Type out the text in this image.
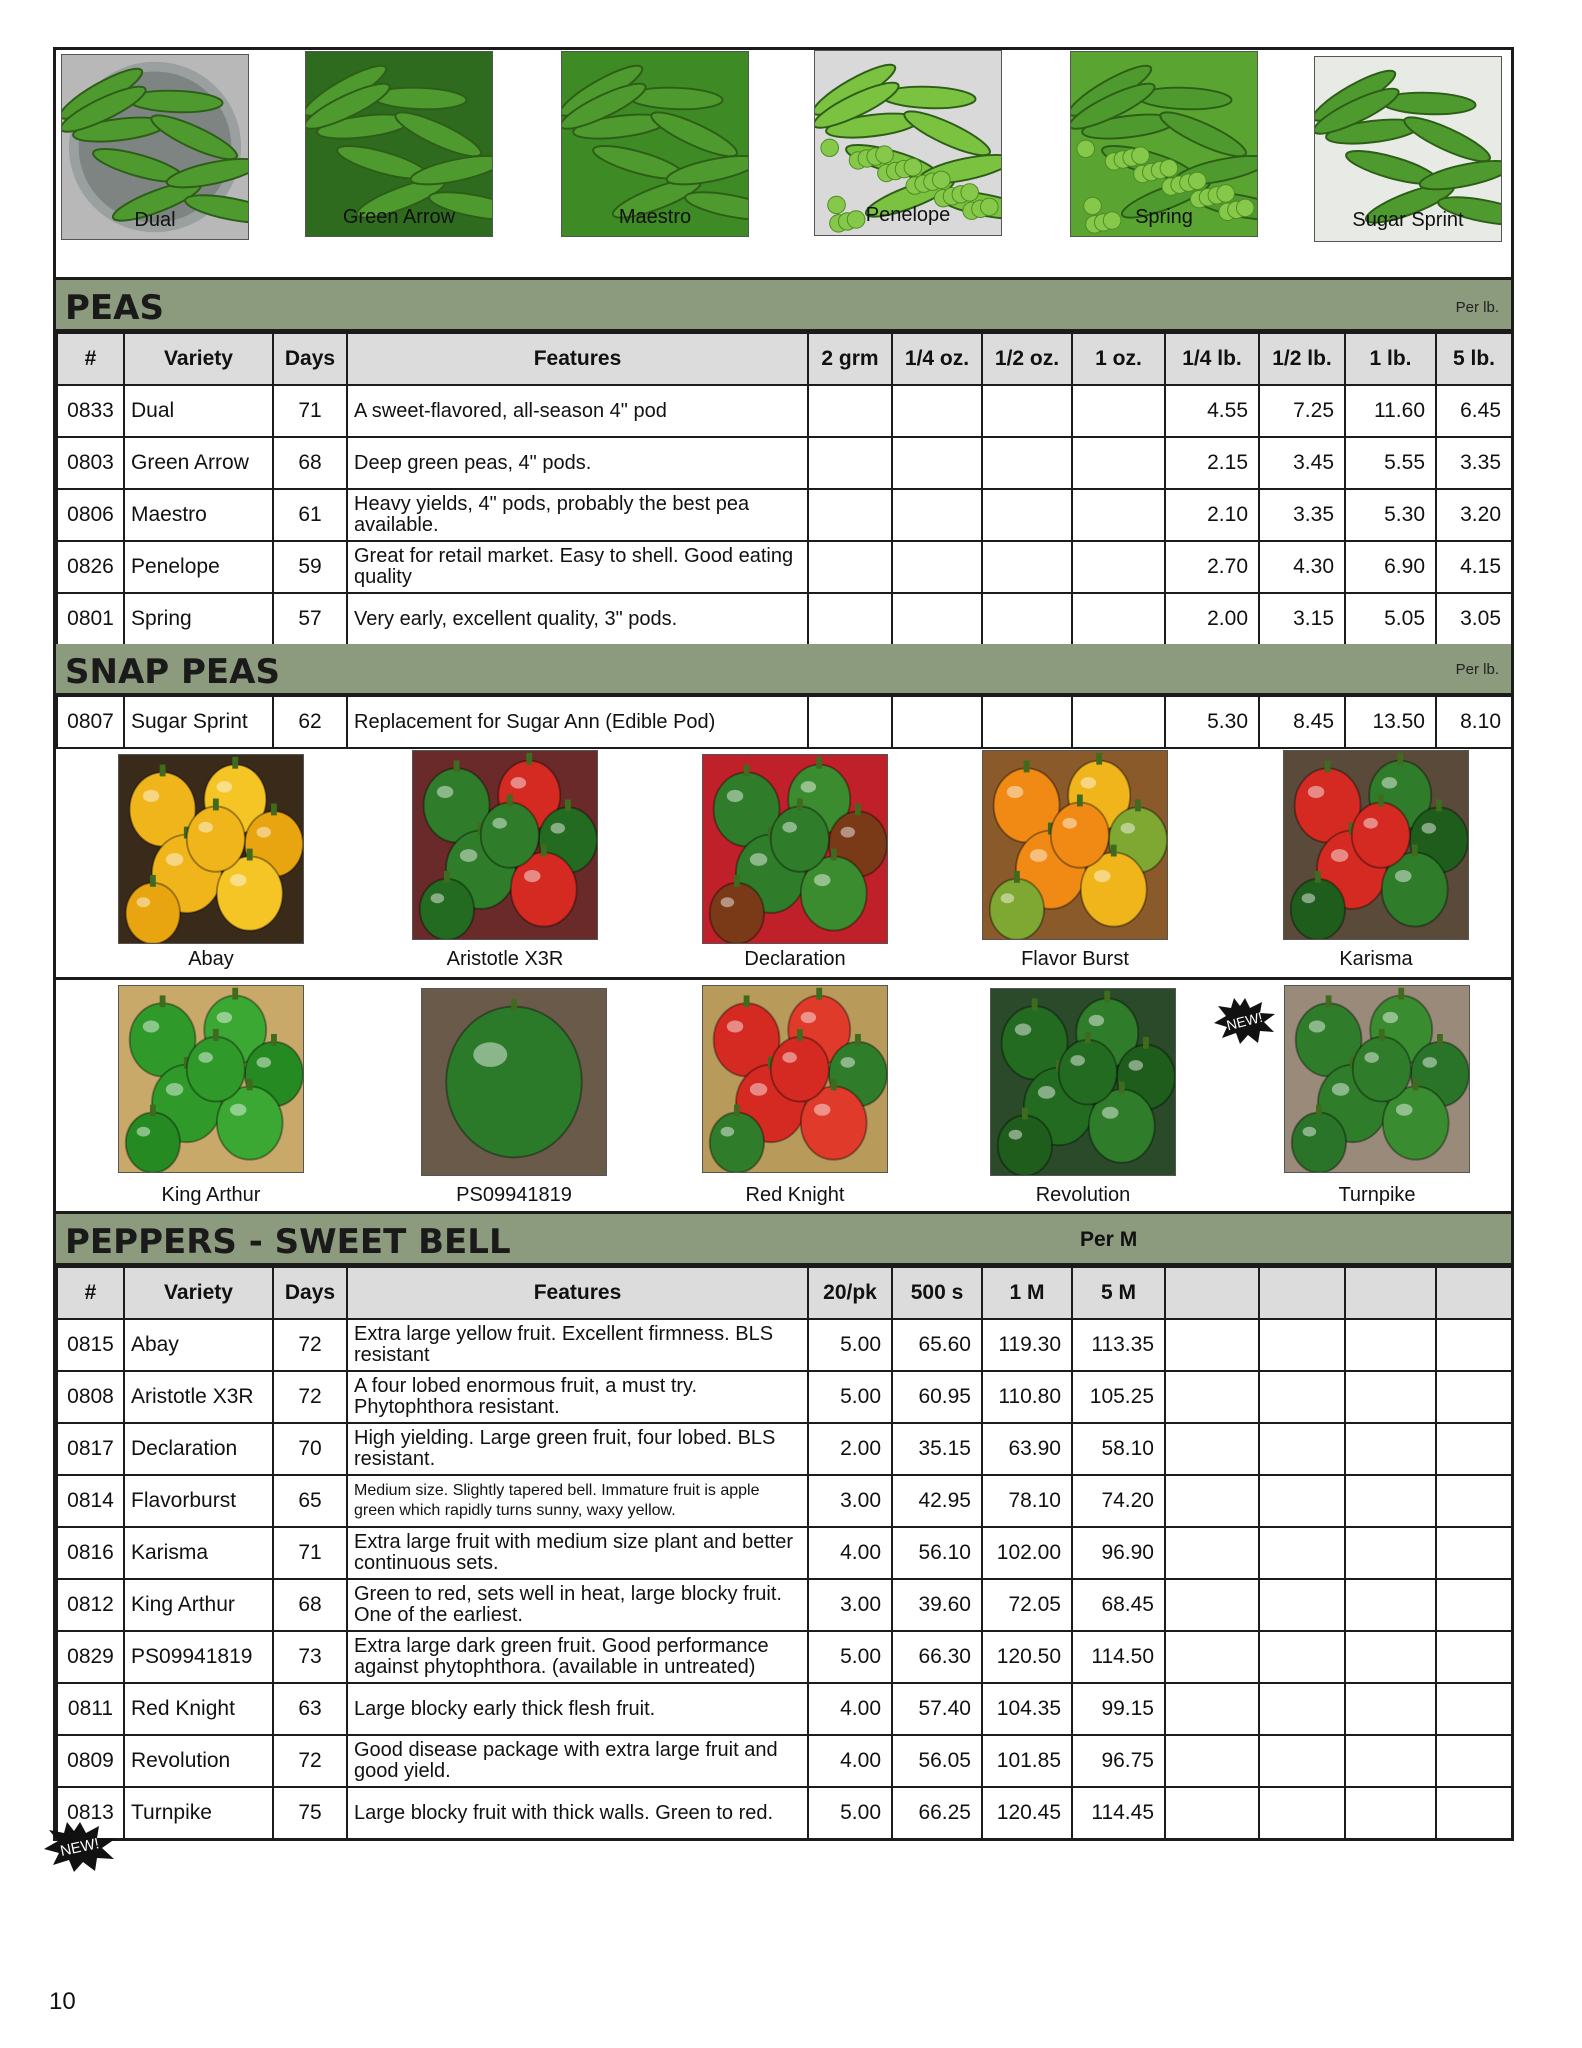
Dual	Green Arrow	Maestro	Penelope	Spring	Sugar Sprint
PEAS	Per lb.
#	Variety	Days	Features	2 grm	1/4 oz.	1/2 oz.	1 oz.	1/4 lb.	1/2 lb.	1 lb.	5 lb.
0833	Dual	71	A sweet-flavored, all-season 4" pod					4.55	7.25	11.60	6.45
0803	Green Arrow	68	Deep green peas, 4" pods.					2.15	3.45	5.55	3.35
0806	Maestro	61	Heavy yields, 4" pods, probably the best pea available.					2.10	3.35	5.30	3.20
0826	Penelope	59	Great for retail market. Easy to shell. Good eating quality					2.70	4.30	6.90	4.15
0801	Spring	57	Very early, excellent quality, 3" pods.					2.00	3.15	5.05	3.05
SNAP PEAS	Per lb.
0807	Sugar Sprint	62	Replacement for Sugar Ann (Edible Pod)					5.30	8.45	13.50	8.10
Abay	Aristotle X3R	Declaration	Flavor Burst	Karisma
King Arthur	PS09941819	Red Knight	Revolution	Turnpike
PEPPERS - SWEET BELL	Per M
#	Variety	Days	Features	20/pk	500 s	1 M	5 M				
0815	Abay	72	Extra large yellow fruit. Excellent firmness. BLS resistant	5.00	65.60	119.30	113.35				
0808	Aristotle X3R	72	A four lobed enormous fruit, a must try. Phytophthora resistant.	5.00	60.95	110.80	105.25				
0817	Declaration	70	High yielding. Large green fruit, four lobed. BLS resistant.	2.00	35.15	63.90	58.10				
0814	Flavorburst	65	Medium size. Slightly tapered bell. Immature fruit is apple green which rapidly turns sunny, waxy yellow.	3.00	42.95	78.10	74.20				
0816	Karisma	71	Extra large fruit with medium size plant and better continuous sets.	4.00	56.10	102.00	96.90				
0812	King Arthur	68	Green to red, sets well in heat, large blocky fruit. One of the earliest.	3.00	39.60	72.05	68.45				
0829	PS09941819	73	Extra large dark green fruit. Good performance against phytophthora. (available in untreated)	5.00	66.30	120.50	114.50				
0811	Red Knight	63	Large blocky early thick flesh fruit.	4.00	57.40	104.35	99.15				
0809	Revolution	72	Good disease package with extra large fruit and good yield.	4.00	56.05	101.85	96.75				
0813	Turnpike	75	Large blocky fruit with thick walls. Green to red.	5.00	66.25	120.45	114.45				
NEW!
NEW!
10
